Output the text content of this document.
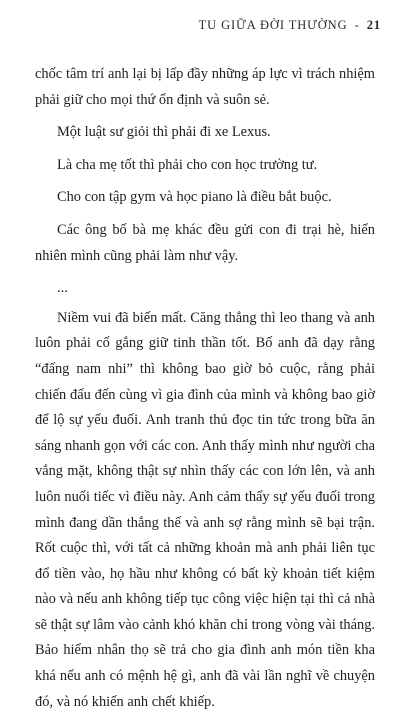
TU GIỮA ĐỜI THƯỜNG - 21

chốc tâm trí anh lại bị lấp đầy những áp lực vì trách nhiệm phải giữ cho mọi thứ ổn định và suôn sẻ.

Một luật sư giỏi thì phải đi xe Lexus.

Là cha mẹ tốt thì phải cho con học trường tư.

Cho con tập gym và học piano là điều bắt buộc.

Các ông bố bà mẹ khác đều gửi con đi trại hè, hiển nhiên mình cũng phải làm như vậy.

...

Niềm vui đã biến mất. Căng thẳng thì leo thang và anh luôn phải cố gắng giữ tinh thần tốt. Bố anh đã dạy rằng “đấng nam nhi” thì không bao giờ bỏ cuộc, rằng phải chiến đấu đến cùng vì gia đình của mình và không bao giờ để lộ sự yếu đuối. Anh tranh thủ đọc tin tức trong bữa ăn sáng nhanh gọn với các con. Anh thấy mình như người cha vắng mặt, không thật sự nhìn thấy các con lớn lên, và anh luôn nuối tiếc vì điều này. Anh cảm thấy sự yếu đuối trong mình đang dần thắng thế và anh sợ rằng mình sẽ bại trận. Rốt cuộc thì, với tất cả những khoản mà anh phải liên tục đổ tiền vào, họ hầu như không có bất kỳ khoản tiết kiệm nào và nếu anh không tiếp tục công việc hiện tại thì cả nhà sẽ thật sự lâm vào cảnh khó khăn chỉ trong vòng vài tháng. Bảo hiểm nhân thọ sẽ trả cho gia đình anh món tiền kha khá nếu anh có mệnh hệ gì, anh đã vài lần nghĩ về chuyện đó, và nó khiến anh chết khiếp.
